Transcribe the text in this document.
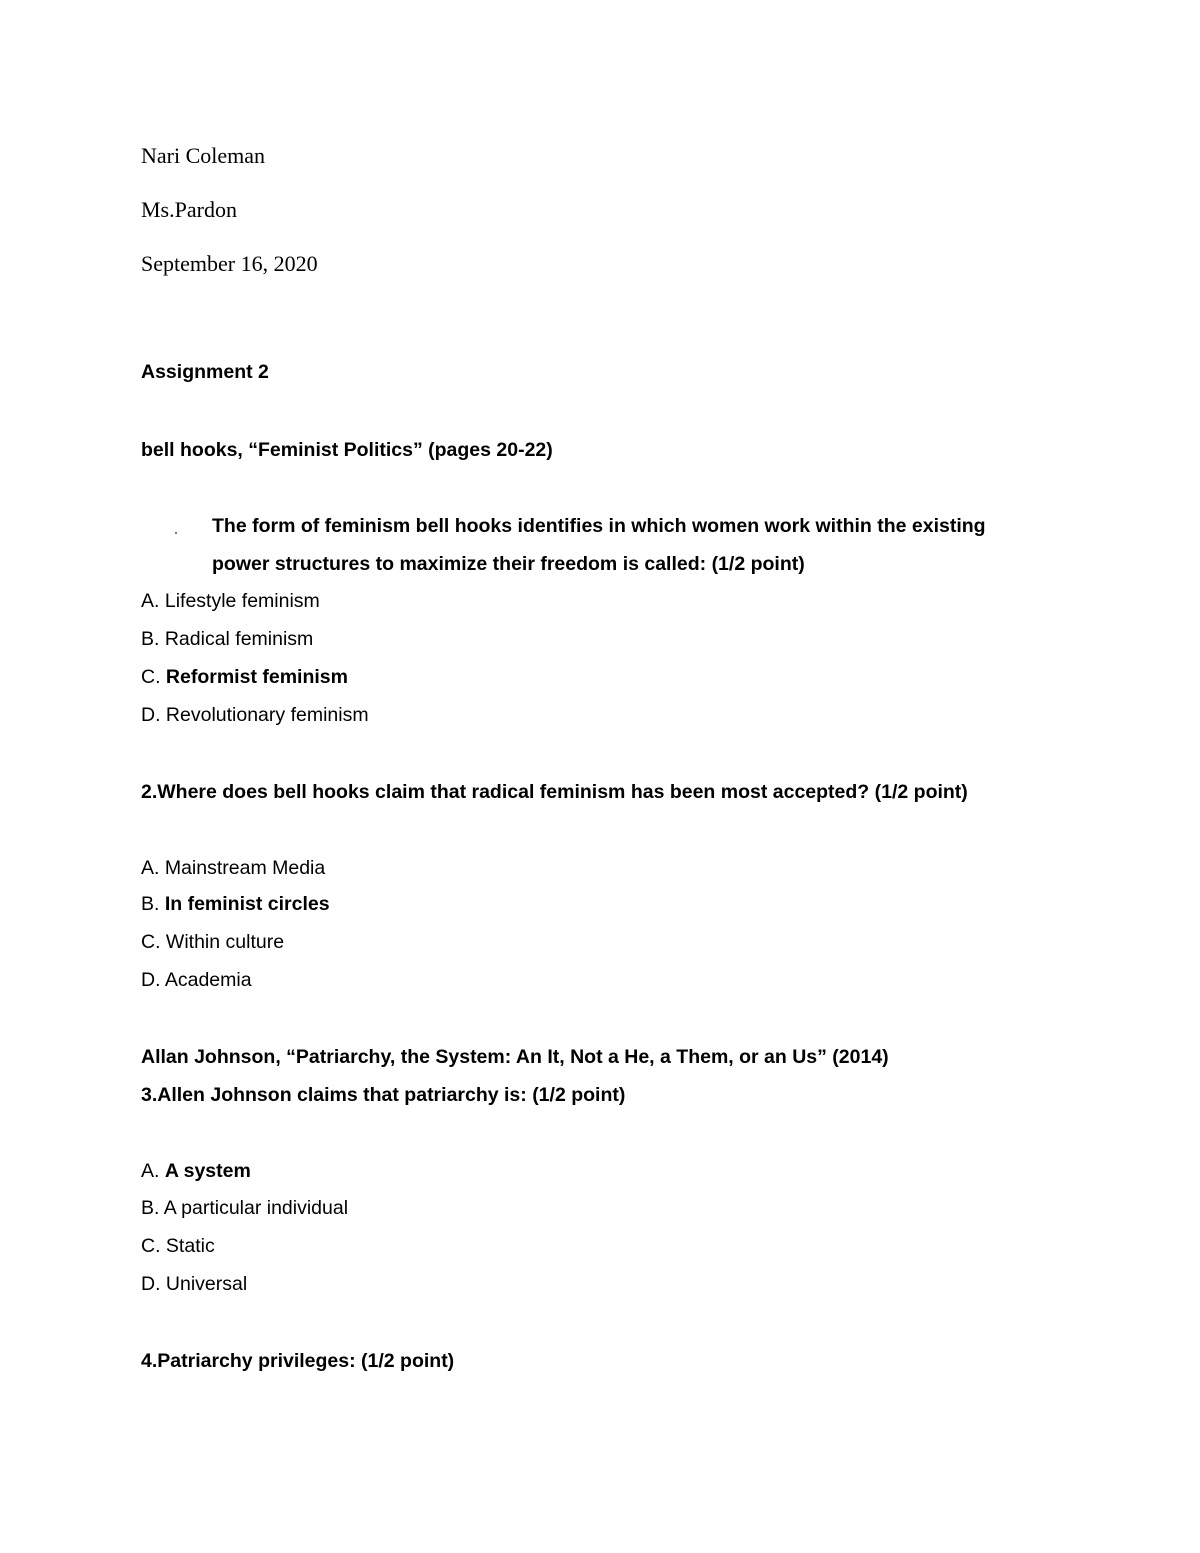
Nari Coleman
Ms.Pardon
September 16, 2020
Assignment 2
bell hooks, “Feminist Politics” (pages 20-22)
The form of feminism bell hooks identifies in which women work within the existing
power structures to maximize their freedom is called: (1/2 point)
A. Lifestyle feminism
B. Radical feminism
C. Reformist feminism
D. Revolutionary feminism
2.Where does bell hooks claim that radical feminism has been most accepted? (1/2 point)
A. Mainstream Media
B. In feminist circles
C. Within culture
D. Academia
Allan Johnson, “Patriarchy, the System: An It, Not a He, a Them, or an Us” (2014)
3.Allen Johnson claims that patriarchy is: (1/2 point)
A. A system
B. A particular individual
C. Static
D. Universal
4.Patriarchy privileges: (1/2 point)
